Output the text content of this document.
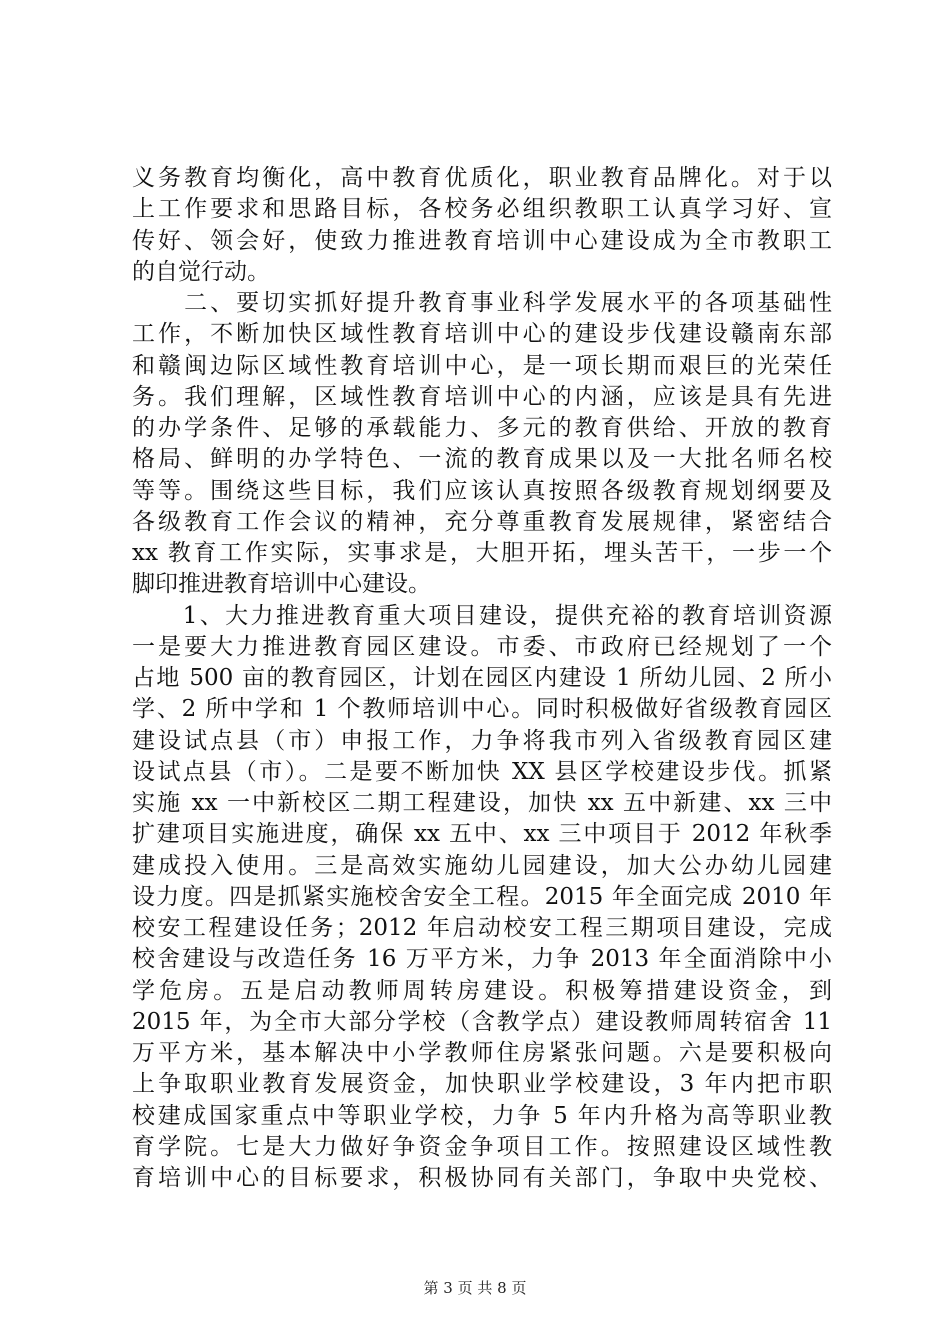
义务教育均衡化，高中教育优质化，职业教育品牌化。对于以
上工作要求和思路目标，各校务必组织教职工认真学习好、宣
传好、领会好，使致力推进教育培训中心建设成为全市教职工
的自觉行动。
　　二、要切实抓好提升教育事业科学发展水平的各项基础性
工作，不断加快区域性教育培训中心的建设步伐建设赣南东部
和赣闽边际区域性教育培训中心，是一项长期而艰巨的光荣任
务。我们理解，区域性教育培训中心的内涵，应该是具有先进
的办学条件、足够的承载能力、多元的教育供给、开放的教育
格局、鲜明的办学特色、一流的教育成果以及一大批名师名校
等等。围绕这些目标，我们应该认真按照各级教育规划纲要及
各级教育工作会议的精神，充分尊重教育发展规律，紧密结合
xx 教育工作实际，实事求是，大胆开拓，埋头苦干，一步一个
脚印推进教育培训中心建设。
　　1、大力推进教育重大项目建设，提供充裕的教育培训资源
一是要大力推进教育园区建设。市委、市政府已经规划了一个
占地 500 亩的教育园区，计划在园区内建设 1 所幼儿园、2 所小
学、2 所中学和 1 个教师培训中心。同时积极做好省级教育园区
建设试点县（市）申报工作，力争将我市列入省级教育园区建
设试点县（市）。二是要不断加快 XX 县区学校建设步伐。抓紧
实施 xx 一中新校区二期工程建设，加快 xx 五中新建、xx 三中
扩建项目实施进度，确保 xx 五中、xx 三中项目于 2012 年秋季
建成投入使用。三是高效实施幼儿园建设，加大公办幼儿园建
设力度。四是抓紧实施校舍安全工程。2015 年全面完成 2010 年
校安工程建设任务；2012 年启动校安工程三期项目建设，完成
校舍建设与改造任务 16 万平方米，力争 2013 年全面消除中小
学危房。五是启动教师周转房建设。积极筹措建设资金，到
2015 年，为全市大部分学校（含教学点）建设教师周转宿舍 11
万平方米，基本解决中小学教师住房紧张问题。六是要积极向
上争取职业教育发展资金，加快职业学校建设，3 年内把市职
校建成国家重点中等职业学校，力争 5 年内升格为高等职业教
育学院。七是大力做好争资金争项目工作。按照建设区域性教
育培训中心的目标要求，积极协同有关部门，争取中央党校、
第 3 页 共 8 页
